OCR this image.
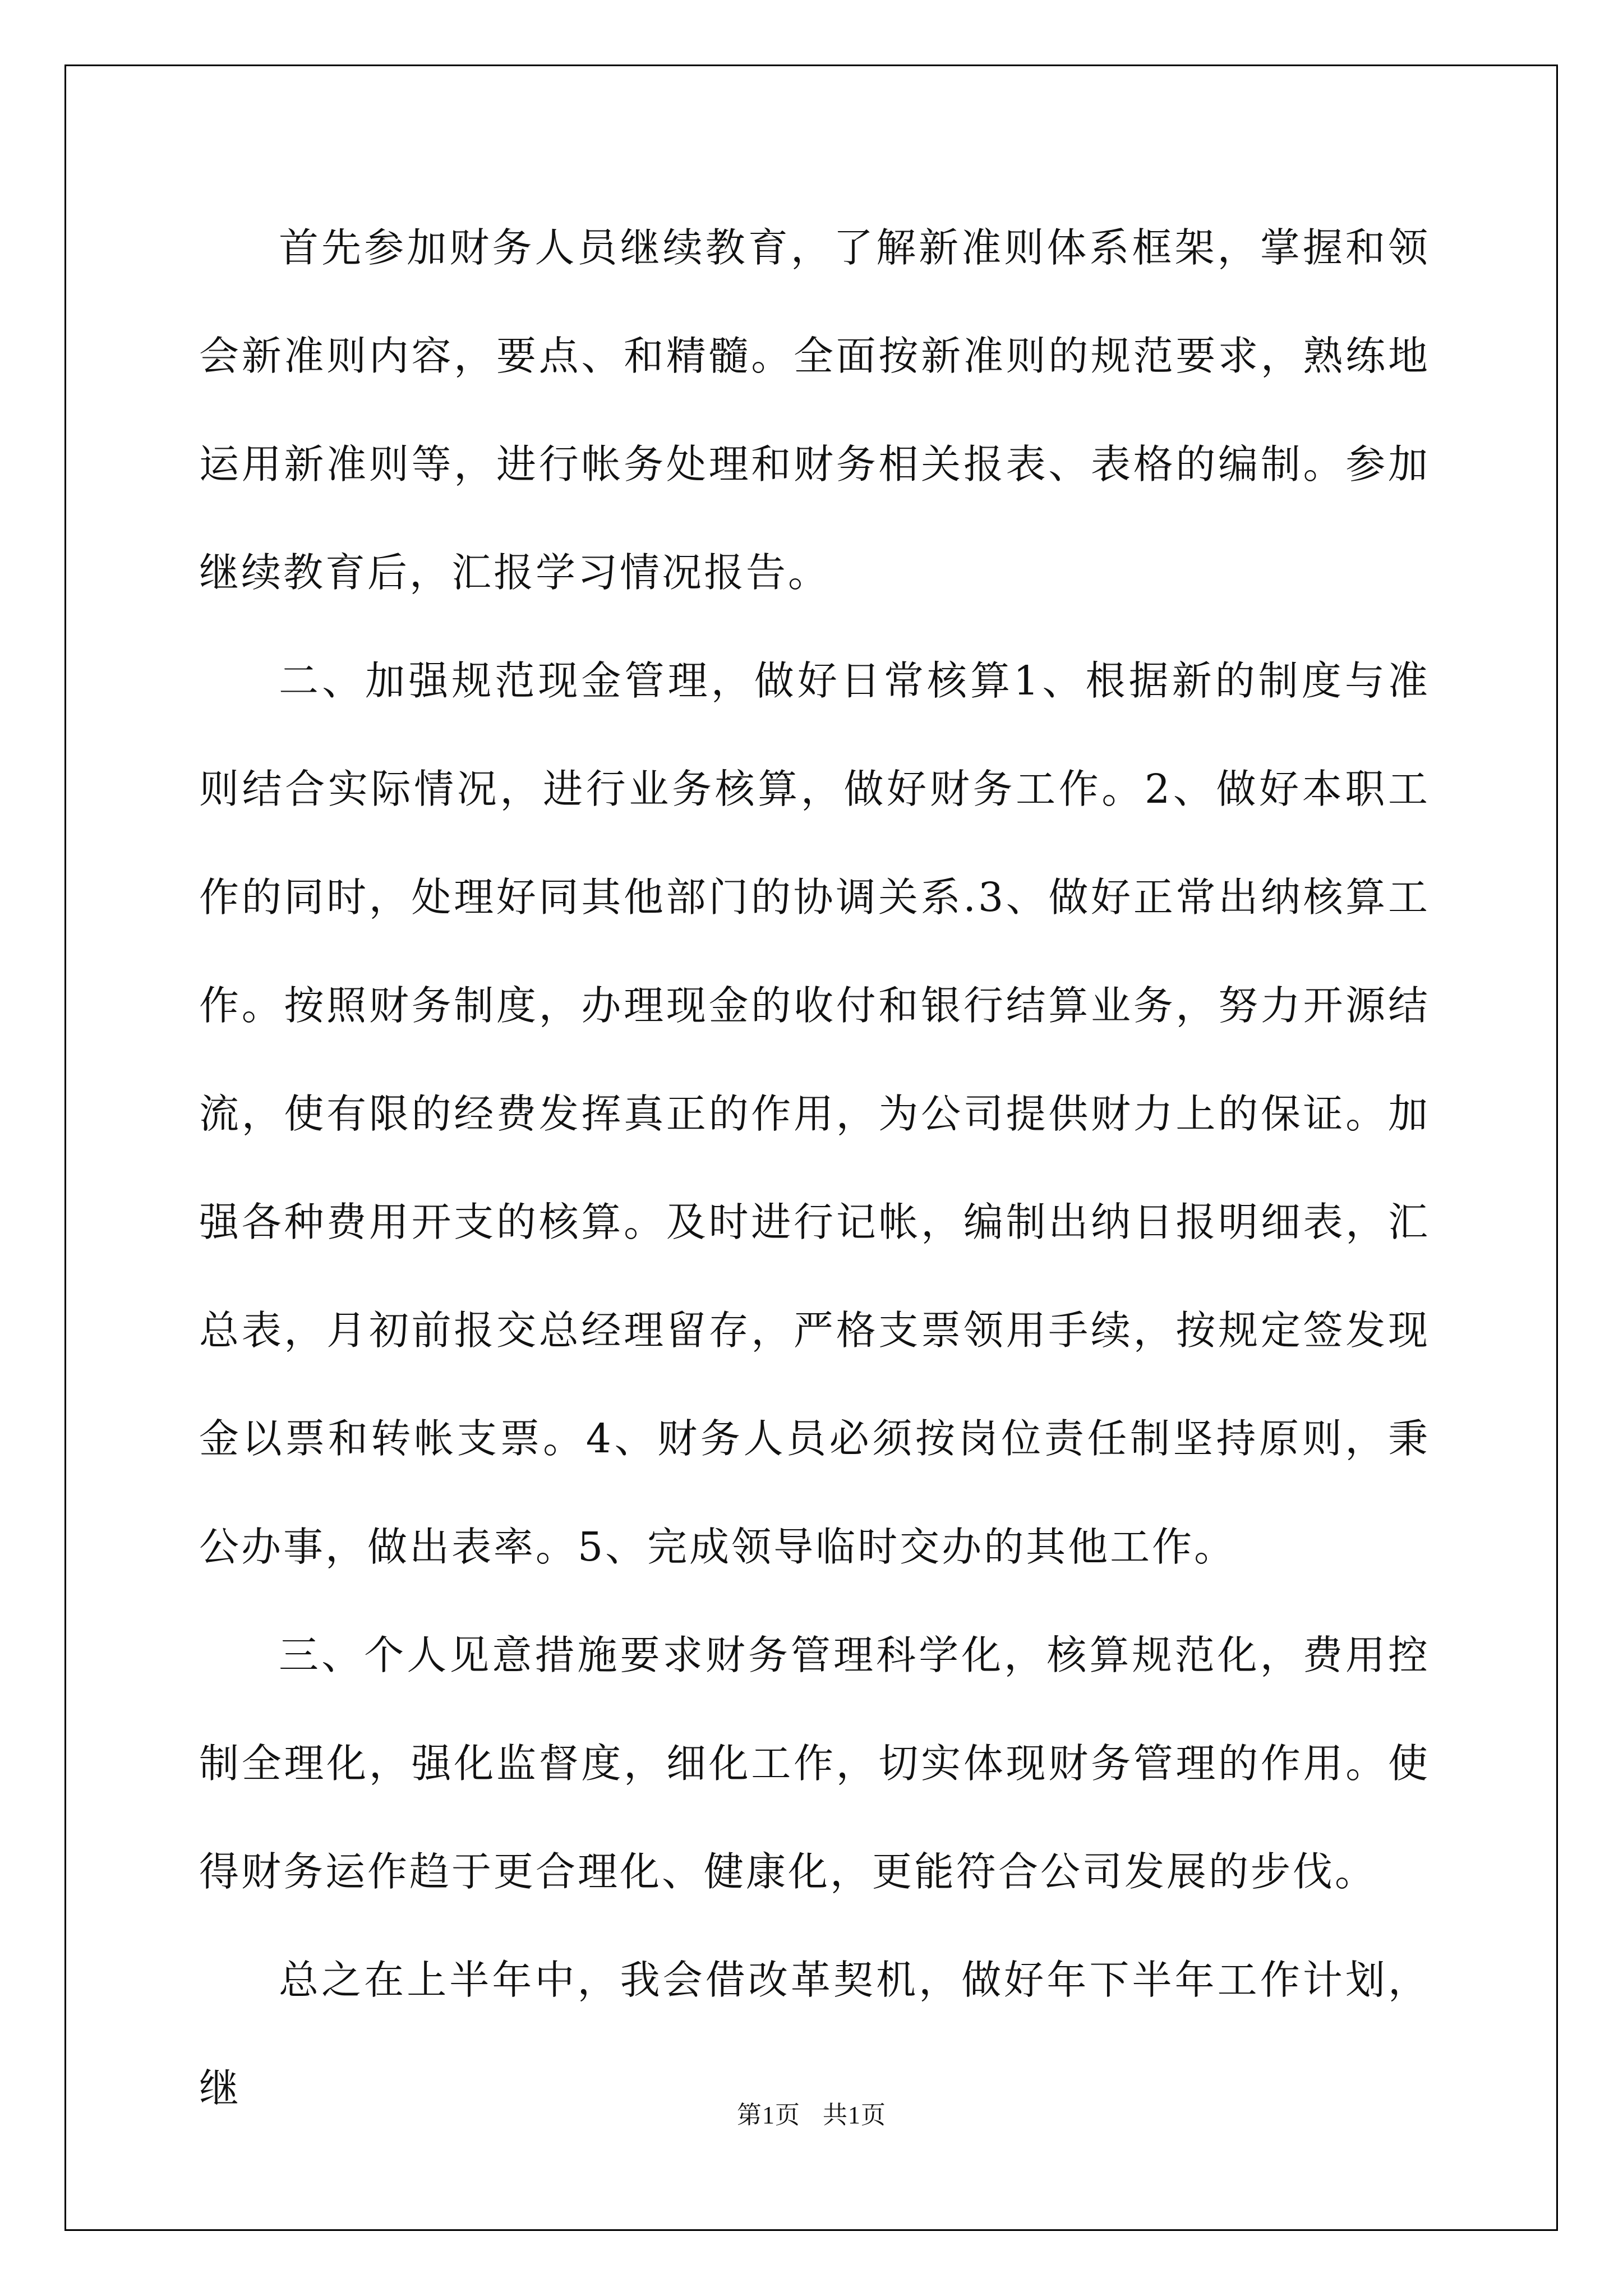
首先参加财务人员继续教育，了解新准则体系框架，掌握和领会新准则内容，要点、和精髓。全面按新准则的规范要求，熟练地运用新准则等，进行帐务处理和财务相关报表、表格的编制。参加继续教育后，汇报学习情况报告。

二、加强规范现金管理，做好日常核算1、根据新的制度与准则结合实际情况，进行业务核算，做好财务工作。2、做好本职工作的同时，处理好同其他部门的协调关系.3、做好正常出纳核算工作。按照财务制度，办理现金的收付和银行结算业务，努力开源结流，使有限的经费发挥真正的作用，为公司提供财力上的保证。加强各种费用开支的核算。及时进行记帐，编制出纳日报明细表，汇总表，月初前报交总经理留存，严格支票领用手续，按规定签发现金以票和转帐支票。4、财务人员必须按岗位责任制坚持原则，秉公办事，做出表率。5、完成领导临时交办的其他工作。

三、个人见意措施要求财务管理科学化，核算规范化，费用控制全理化，强化监督度，细化工作，切实体现财务管理的作用。使得财务运作趋于更合理化、健康化，更能符合公司发展的步伐。

总之在上半年中，我会借改革契机，做好年下半年工作计划，继

第1页 共1页
